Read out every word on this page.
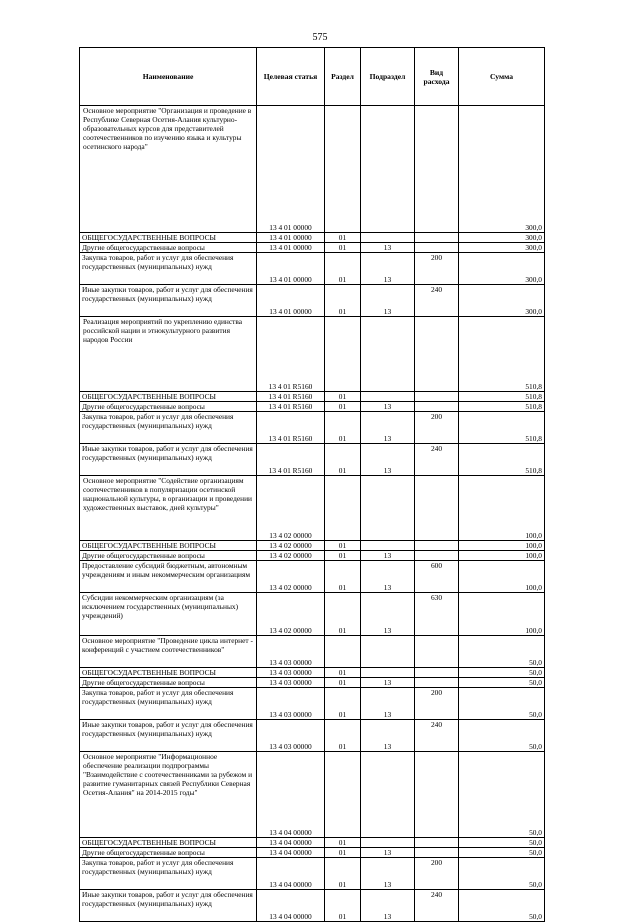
575
Наименование	Целевая статья	Раздел	Подраздел	Вид расхода	Сумма
Основное мероприятие "Организация и проведение в Республике Северная Осетия-Алания культурно-образовательных курсов для представителей соотечественников по изучению языка и культуры осетинского народа"	13 4 01 00000				300,0
ОБЩЕГОСУДАРСТВЕННЫЕ ВОПРОСЫ	13 4 01 00000	01			300,0
Другие общегосударственные вопросы	13 4 01 00000	01	13		300,0
Закупка товаров, работ и услуг для обеспечения государственных (муниципальных) нужд	13 4 01 00000	01	13	200	300,0
Иные закупки товаров, работ и услуг для обеспечения государственных (муниципальных) нужд	13 4 01 00000	01	13	240	300,0
Реализация мероприятий по укреплению единства российской нации и этнокультурного развития народов России	13 4 01 R5160				510,8
ОБЩЕГОСУДАРСТВЕННЫЕ ВОПРОСЫ	13 4 01 R5160	01			510,8
Другие общегосударственные вопросы	13 4 01 R5160	01	13		510,8
Закупка товаров, работ и услуг для обеспечения государственных (муниципальных) нужд	13 4 01 R5160	01	13	200	510,8
Иные закупки товаров, работ и услуг для обеспечения государственных (муниципальных) нужд	13 4 01 R5160	01	13	240	510,8
Основное мероприятие "Содействие организациям соотечественников в популяризации осетинской национальной культуры, в организации и проведении художественных выставок, дней культуры"	13 4 02 00000				100,0
ОБЩЕГОСУДАРСТВЕННЫЕ ВОПРОСЫ	13 4 02 00000	01			100,0
Другие общегосударственные вопросы	13 4 02 00000	01	13		100,0
Предоставление субсидий бюджетным, автономным учреждениям и иным некоммерческим организациям	13 4 02 00000	01	13	600	100,0
Субсидии некоммерческим организациям (за исключением государственных (муниципальных) учреждений)	13 4 02 00000	01	13	630	100,0
Основное мероприятие "Проведение цикла интернет - конференций с участием соотечественников"	13 4 03 00000				50,0
ОБЩЕГОСУДАРСТВЕННЫЕ ВОПРОСЫ	13 4 03 00000	01			50,0
Другие общегосударственные вопросы	13 4 03 00000	01	13		50,0
Закупка товаров, работ и услуг для обеспечения государственных (муниципальных) нужд	13 4 03 00000	01	13	200	50,0
Иные закупки товаров, работ и услуг для обеспечения государственных (муниципальных) нужд	13 4 03 00000	01	13	240	50,0
Основное мероприятие "Информационное обеспечение реализации подпрограммы "Взаимодействие с соотечественниками за рубежом и развитие гуманитарных связей Республики Северная Осетия-Алания" на 2014-2015 годы"	13 4 04 00000				50,0
ОБЩЕГОСУДАРСТВЕННЫЕ ВОПРОСЫ	13 4 04 00000	01			50,0
Другие общегосударственные вопросы	13 4 04 00000	01	13		50,0
Закупка товаров, работ и услуг для обеспечения государственных (муниципальных) нужд	13 4 04 00000	01	13	200	50,0
Иные закупки товаров, работ и услуг для обеспечения государственных (муниципальных) нужд	13 4 04 00000	01	13	240	50,0
